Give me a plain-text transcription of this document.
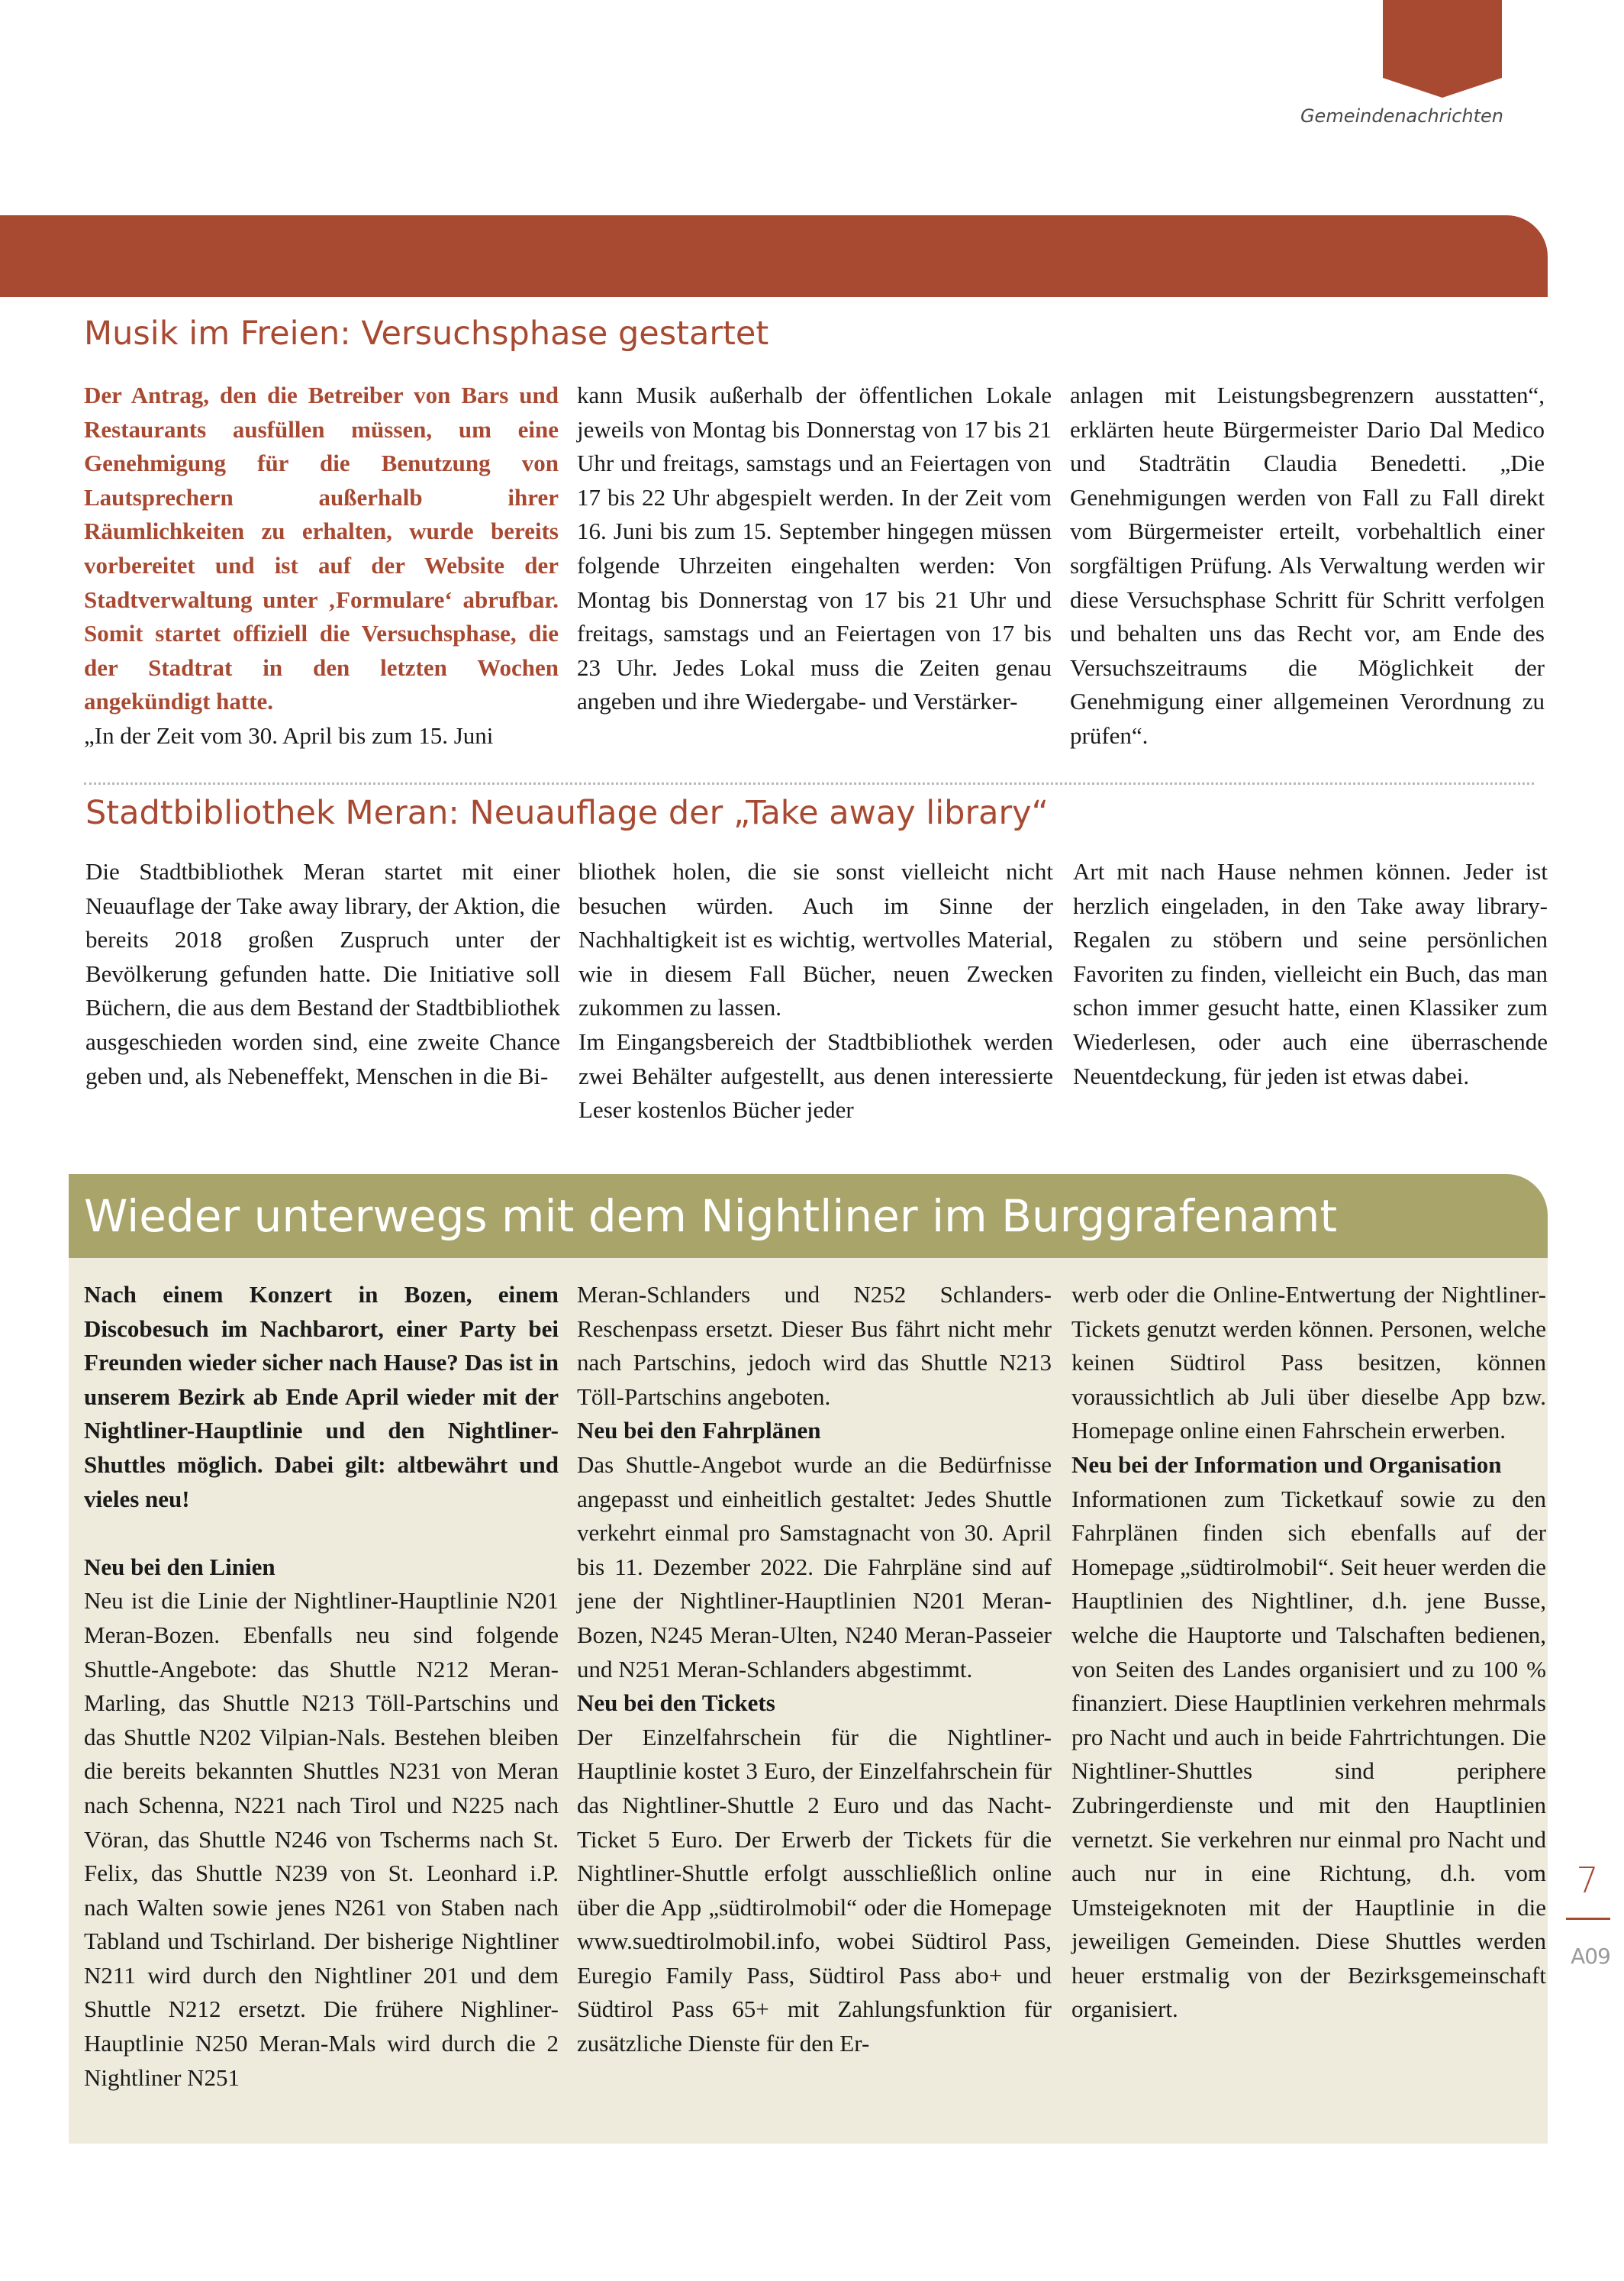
Gemeindenachrichten
Musik im Freien: Versuchsphase gestartet

Der Antrag, den die Betreiber von Bars und Restaurants ausfüllen müssen, um eine Genehmigung für die Benutzung von Lautsprechern außerhalb ihrer Räumlichkeiten zu erhalten, wurde bereits vorbereitet und ist auf der Website der Stadtverwaltung unter ‚Formulare‘ abrufbar. Somit startet offiziell die Versuchsphase, die der Stadtrat in den letzten Wochen angekündigt hatte.

„In der Zeit vom 30. April bis zum 15. Juni

kann Musik außerhalb der öffentlichen Lokale jeweils von Montag bis Donnerstag von 17 bis 21 Uhr und freitags, samstags und an Feiertagen von 17 bis 22 Uhr abgespielt werden. In der Zeit vom 16. Juni bis zum 15. September hingegen müssen folgende Uhrzeiten eingehalten werden: Von Montag bis Donnerstag von 17 bis 21 Uhr und freitags, samstags und an Feiertagen von 17 bis 23 Uhr. Jedes Lokal muss die Zeiten genau angeben und ihre Wiedergabe- und Verstärker-

anlagen mit Leistungsbegrenzern ausstatten“, erklärten heute Bürgermeister Dario Dal Medico und Stadträtin Claudia Benedetti. „Die Genehmigungen werden von Fall zu Fall direkt vom Bürgermeister erteilt, vorbehaltlich einer sorgfältigen Prüfung. Als Verwaltung werden wir diese Versuchsphase Schritt für Schritt verfolgen und behalten uns das Recht vor, am Ende des Versuchszeitraums die Möglichkeit der Genehmigung einer allgemeinen Verordnung zu prüfen“.

Stadtbibliothek Meran: Neuauflage der „Take away library“

Die Stadtbibliothek Meran startet mit einer Neuauflage der Take away library, der Aktion, die bereits 2018 großen Zuspruch unter der Bevölkerung gefunden hatte. Die Initiative soll Büchern, die aus dem Bestand der Stadtbibliothek ausgeschieden worden sind, eine zweite Chance geben und, als Nebeneffekt, Menschen in die Bi-

bliothek holen, die sie sonst vielleicht nicht besuchen würden. Auch im Sinne der Nachhaltigkeit ist es wichtig, wertvolles Material, wie in diesem Fall Bücher, neuen Zwecken zukommen zu lassen.

Im Eingangsbereich der Stadtbibliothek werden zwei Behälter aufgestellt, aus denen interessierte Leser kostenlos Bücher jeder

Art mit nach Hause nehmen können. Jeder ist herzlich eingeladen, in den Take away library-Regalen zu stöbern und seine persönlichen Favoriten zu finden, vielleicht ein Buch, das man schon immer gesucht hatte, einen Klassiker zum Wiederlesen, oder auch eine überraschende Neuentdeckung, für jeden ist etwas dabei.

Wieder unterwegs mit dem Nightliner im Burggrafenamt

Nach einem Konzert in Bozen, einem Discobesuch im Nachbarort, einer Party bei Freunden wieder sicher nach Hause? Das ist in unserem Bezirk ab Ende April wieder mit der Nightliner-Hauptlinie und den Nightliner-Shuttles möglich. Dabei gilt: altbewährt und vieles neu!

Neu bei den Linien

Neu ist die Linie der Nightliner-Hauptlinie N201 Meran-Bozen. Ebenfalls neu sind folgende Shuttle-Angebote: das Shuttle N212 Meran-Marling, das Shuttle N213 Töll-Partschins und das Shuttle N202 Vilpian-Nals. Bestehen bleiben die bereits bekannten Shuttles N231 von Meran nach Schenna, N221 nach Tirol und N225 nach Vöran, das Shuttle N246 von Tscherms nach St. Felix, das Shuttle N239 von St. Leonhard i.P. nach Walten sowie jenes N261 von Staben nach Tabland und Tschirland. Der bisherige Nightliner N211 wird durch den Nightliner 201 und dem Shuttle N212 ersetzt. Die frühere Nighliner-Hauptlinie N250 Meran-Mals wird durch die 2 Nightliner N251

Meran-Schlanders und N252 Schlanders-Reschenpass ersetzt. Dieser Bus fährt nicht mehr nach Partschins, jedoch wird das Shuttle N213 Töll-Partschins angeboten.

Neu bei den Fahrplänen

Das Shuttle-Angebot wurde an die Bedürfnisse angepasst und einheitlich gestaltet: Jedes Shuttle verkehrt einmal pro Samstagnacht von 30. April bis 11. Dezember 2022. Die Fahrpläne sind auf jene der Nightliner-Hauptlinien N201 Meran-Bozen, N245 Meran-Ulten, N240 Meran-Passeier und N251 Meran-Schlanders abgestimmt.

Neu bei den Tickets

Der Einzelfahrschein für die Nightliner-Hauptlinie kostet 3 Euro, der Einzelfahrschein für das Nightliner-Shuttle 2 Euro und das Nacht-Ticket 5 Euro. Der Erwerb der Tickets für die Nightliner-Shuttle erfolgt ausschließlich online über die App „südtirolmobil“ oder die Homepage www.suedtirolmobil.info, wobei Südtirol Pass, Euregio Family Pass, Südtirol Pass abo+ und Südtirol Pass 65+ mit Zahlungsfunktion für zusätzliche Dienste für den Er-

werb oder die Online-Entwertung der Nightliner-Tickets genutzt werden können. Personen, welche keinen Südtirol Pass besitzen, können voraussichtlich ab Juli über dieselbe App bzw. Homepage online einen Fahrschein erwerben.

Neu bei der Information und Organisation

Informationen zum Ticketkauf sowie zu den Fahrplänen finden sich ebenfalls auf der Homepage „südtirolmobil“. Seit heuer werden die Hauptlinien des Nightliner, d.h. jene Busse, welche die Hauptorte und Talschaften bedienen, von Seiten des Landes organisiert und zu 100 % finanziert. Diese Hauptlinien verkehren mehrmals pro Nacht und auch in beide Fahrtrichtungen. Die Nightliner-Shuttles sind periphere Zubringerdienste und mit den Hauptlinien vernetzt. Sie verkehren nur einmal pro Nacht und auch nur in eine Richtung, d.h. vom Umsteigeknoten mit der Hauptlinie in die jeweiligen Gemeinden. Diese Shuttles werden heuer erstmalig von der Bezirksgemeinschaft organisiert.

7
A09
